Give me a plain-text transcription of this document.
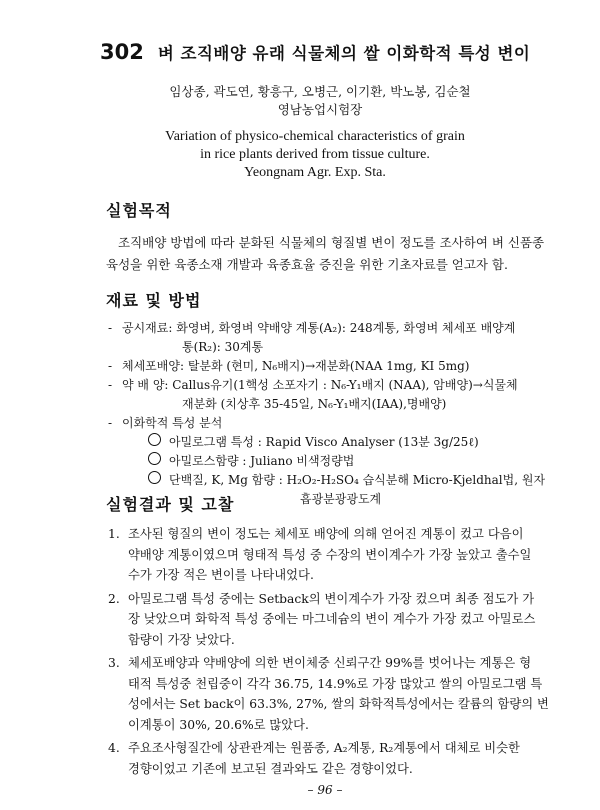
302 벼 조직배양 유래 식물체의 쌀 이화학적 특성 변이
임상종, 곽도연, 황흥구, 오병근, 이기환, 박노봉, 김순철
영남농업시험장
Variation of physico-chemical characteristics of grain
in rice plants derived from tissue culture.
Yeongnam Agr. Exp. Sta.
실험목적
조직배양 방법에 따라 분화된 식물체의 형질별 변이 정도를 조사하여 벼 신품종
육성을 위한 육종소재 개발과 육종효율 증진을 위한 기초자료를 얻고자 함.
재료 및 방법
- 공시재료: 화영벼, 화영벼 약배양 계통(A₂): 248계통, 화영벼 체세포 배양계
통(R₂): 30계통
- 체세포배양: 탈분화 (현미, N₆배지)→재분화(NAA 1mg, KI 5mg)
- 약 배 양: Callus유기(1핵성 소포자기 : N₆-Y₁배지 (NAA), 암배양)→식물체
재분화 (치상후 35-45일, N₆-Y₁배지(IAA),명배양)
- 이화학적 특성 분석
아밀로그램 특성 : Rapid Visco Analyser (13분 3g/25ℓ)
아밀로스함량 : Juliano 비색정량법
단백질, K, Mg 함량 : H₂O₂-H₂SO₄ 습식분해 Micro-Kjeldhal법, 원자
흡광분광광도계
실험결과 및 고찰
1. 조사된 형질의 변이 정도는 체세포 배양에 의해 얻어진 계통이 컸고 다음이
약배양 계통이였으며 형태적 특성 중 수장의 변이계수가 가장 높았고 출수일
수가 가장 적은 변이를 나타내었다.
2. 아밀로그램 특성 중에는 Setback의 변이계수가 가장 컸으며 최종 점도가 가
장 낮았으며 화학적 특성 중에는 마그네슘의 변이 계수가 가장 컸고 아밀로스
함량이 가장 낮았다.
3. 체세포배양과 약배양에 의한 변이체중 신뢰구간 99%를 벗어나는 계통은 형
태적 특성중 천립중이 각각 36.75, 14.9%로 가장 많았고 쌀의 아밀로그램 특
성에서는 Set back이 63.3%, 27%, 쌀의 화학적특성에서는 칼륨의 함량의 변
이계통이 30%, 20.6%로 많았다.
4. 주요조사형질간에 상관관계는 원품종, A₂계통, R₂계통에서 대체로 비슷한
경향이었고 기존에 보고된 결과와도 같은 경향이었다.
– 96 –
